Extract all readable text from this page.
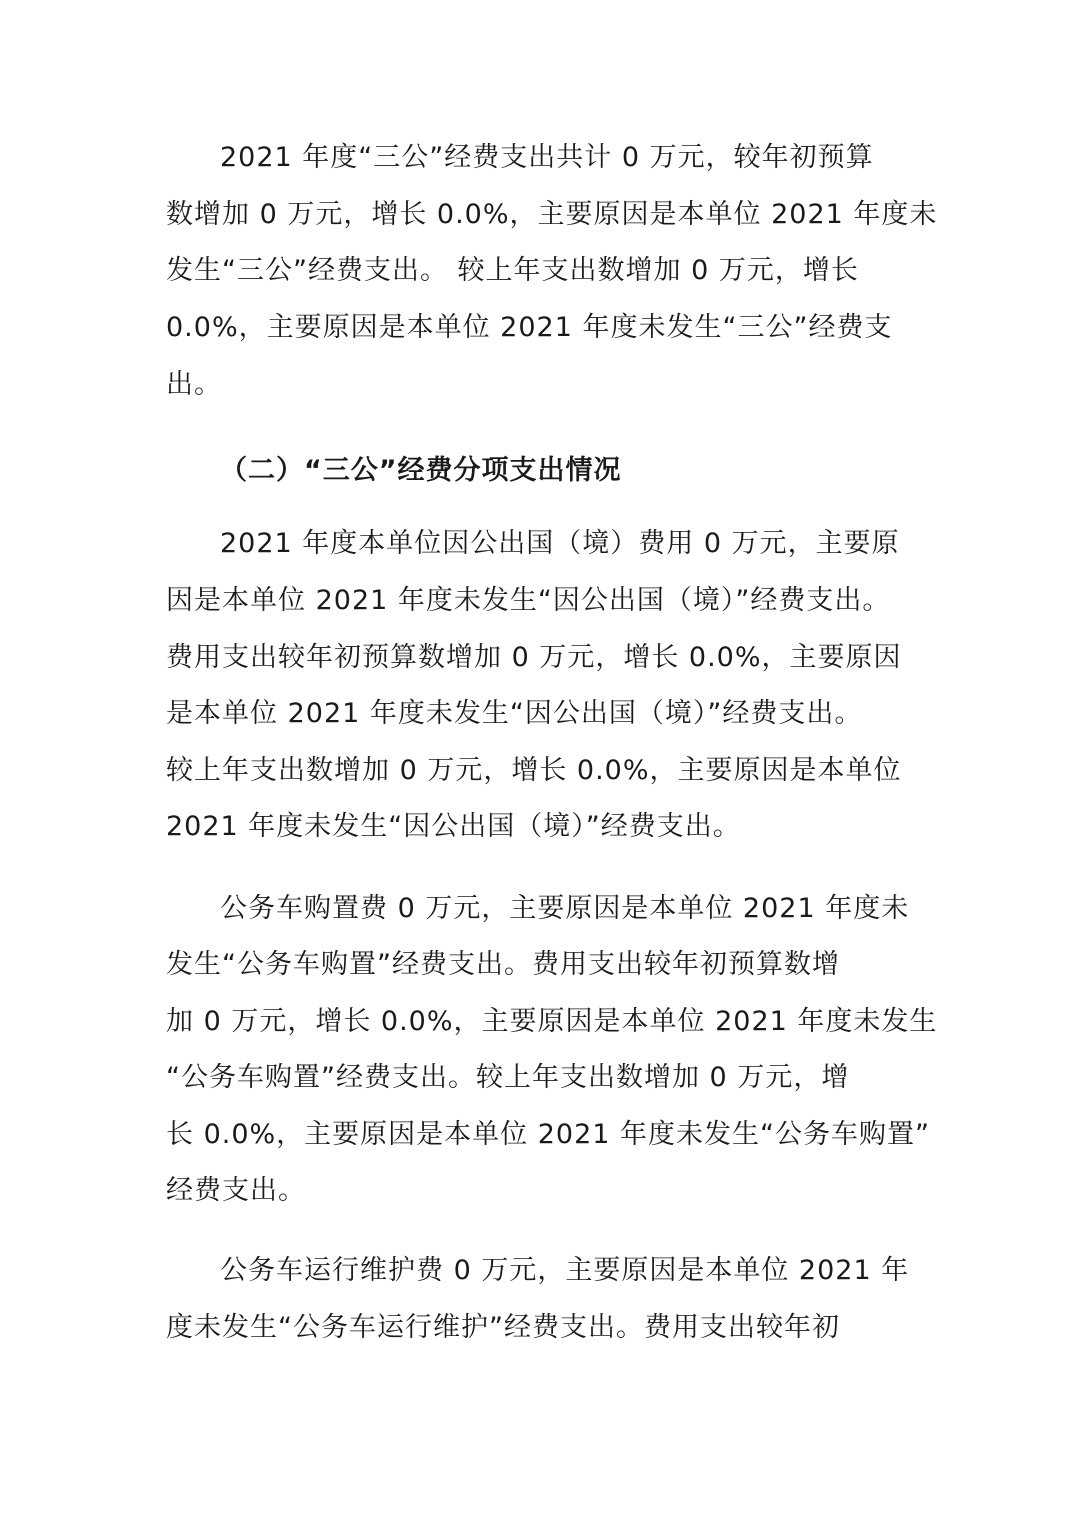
2021 年度“三公”经费支出共计 0 万元，较年初预算
数增加 0 万元，增长 0.0%，主要原因是本单位 2021 年度未
发生“三公”经费支出。 较上年支出数增加 0 万元，增长
0.0%，主要原因是本单位 2021 年度未发生“三公”经费支
出。
（二）“三公”经费分项支出情况
2021 年度本单位因公出国（境）费用 0 万元，主要原
因是本单位 2021 年度未发生“因公出国（境）”经费支出。
费用支出较年初预算数增加 0 万元，增长 0.0%，主要原因
是本单位 2021 年度未发生“因公出国（境）”经费支出。
较上年支出数增加 0 万元，增长 0.0%，主要原因是本单位
2021 年度未发生“因公出国（境）”经费支出。
公务车购置费 0 万元，主要原因是本单位 2021 年度未
发生“公务车购置”经费支出。费用支出较年初预算数增
加 0 万元，增长 0.0%，主要原因是本单位 2021 年度未发生
“公务车购置”经费支出。较上年支出数增加 0 万元，增
长 0.0%，主要原因是本单位 2021 年度未发生“公务车购置”
经费支出。
公务车运行维护费 0 万元，主要原因是本单位 2021 年
度未发生“公务车运行维护”经费支出。费用支出较年初
